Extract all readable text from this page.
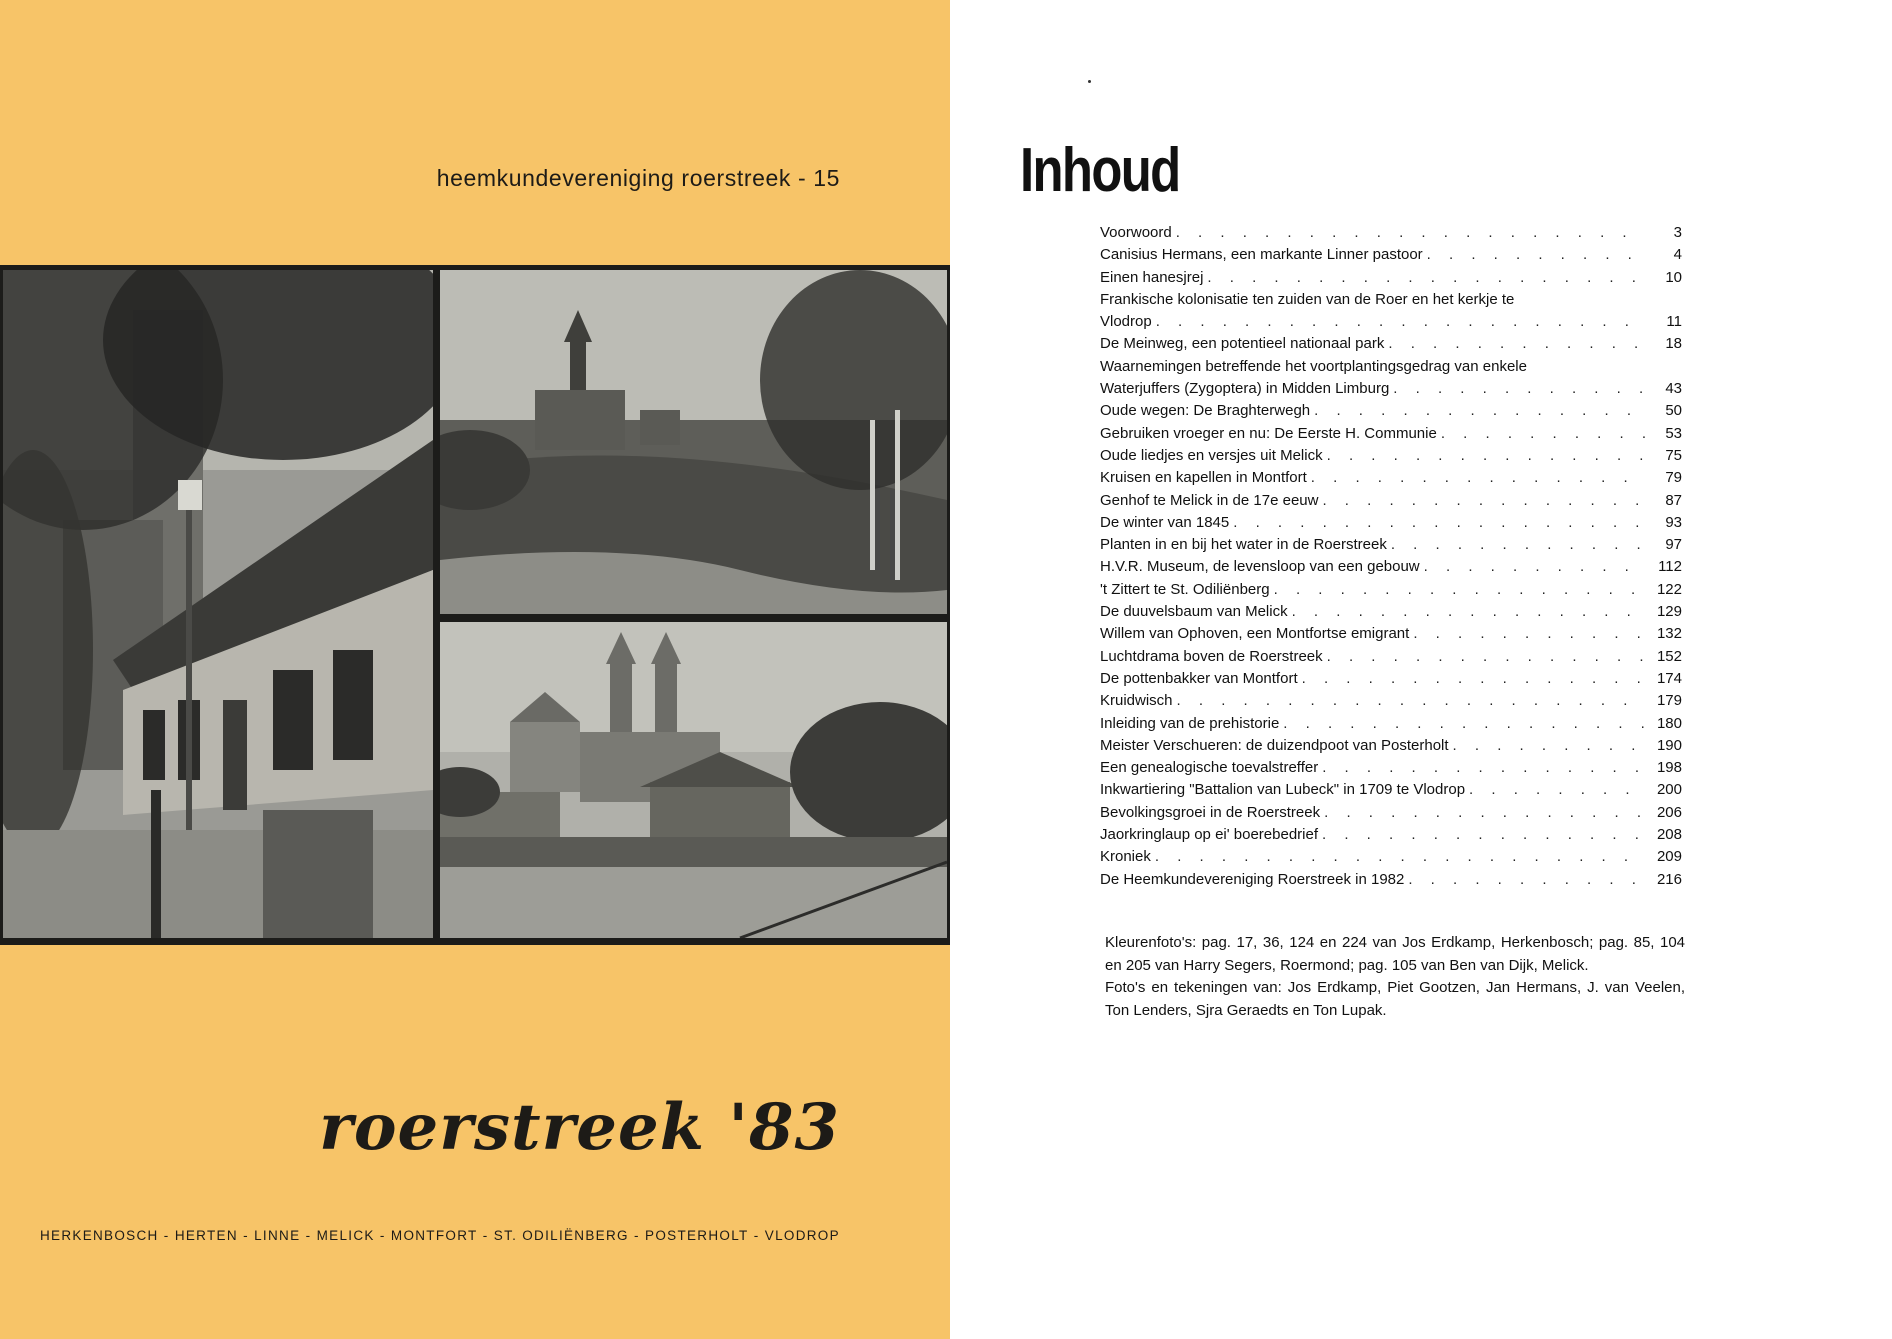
heemkundevereniging roerstreek - 15
roerstreek '83
HERKENBOSCH - HERTEN - LINNE - MELICK - MONTFORT - ST. ODILIËNBERG - POSTERHOLT - VLODROP
Inhoud
Voorwoord . . .	3
Canisius Hermans, een markante Linner pastoor . . .	4
Einen hanesjrej . . .	10
Frankische kolonisatie ten zuiden van de Roer en het kerkje te
Vlodrop . . .	11
De Meinweg, een potentieel nationaal park . . .	18
Waarnemingen betreffende het voortplantingsgedrag van enkele
Waterjuffers (Zygoptera) in Midden Limburg . . .	43
Oude wegen: De Braghterwegh . . .	50
Gebruiken vroeger en nu: De Eerste H. Communie . . .	53
Oude liedjes en versjes uit Melick . . .	75
Kruisen en kapellen in Montfort . . .	79
Genhof te Melick in de 17e eeuw . . .	87
De winter van 1845 . . .	93
Planten in en bij het water in de Roerstreek . . .	97
H.V.R. Museum, de levensloop van een gebouw . . .	112
't Zittert te St. Odiliënberg . . .	122
De duuvelsbaum van Melick . . .	129
Willem van Ophoven, een Montfortse emigrant . . .	132
Luchtdrama boven de Roerstreek . . .	152
De pottenbakker van Montfort . . .	174
Kruidwisch . . .	179
Inleiding van de prehistorie . . .	180
Meister Verschueren: de duizendpoot van Posterholt . . .	190
Een genealogische toevalstreffer . . .	198
Inkwartiering "Battalion van Lubeck" in 1709 te Vlodrop . . .	200
Bevolkingsgroei in de Roerstreek . . .	206
Jaorkringlaup op ei' boerebedrief . . .	208
Kroniek . . .	209
De Heemkundevereniging Roerstreek in 1982 . . .	216

Kleurenfoto's: pag. 17, 36, 124 en 224 van Jos Erdkamp, Herkenbosch; pag. 85, 104 en 205 van Harry Segers, Roermond; pag. 105 van Ben van Dijk, Melick.

Foto's en tekeningen van: Jos Erdkamp, Piet Gootzen, Jan Hermans, J. van Veelen, Ton Lenders, Sjra Geraedts en Ton Lupak.
